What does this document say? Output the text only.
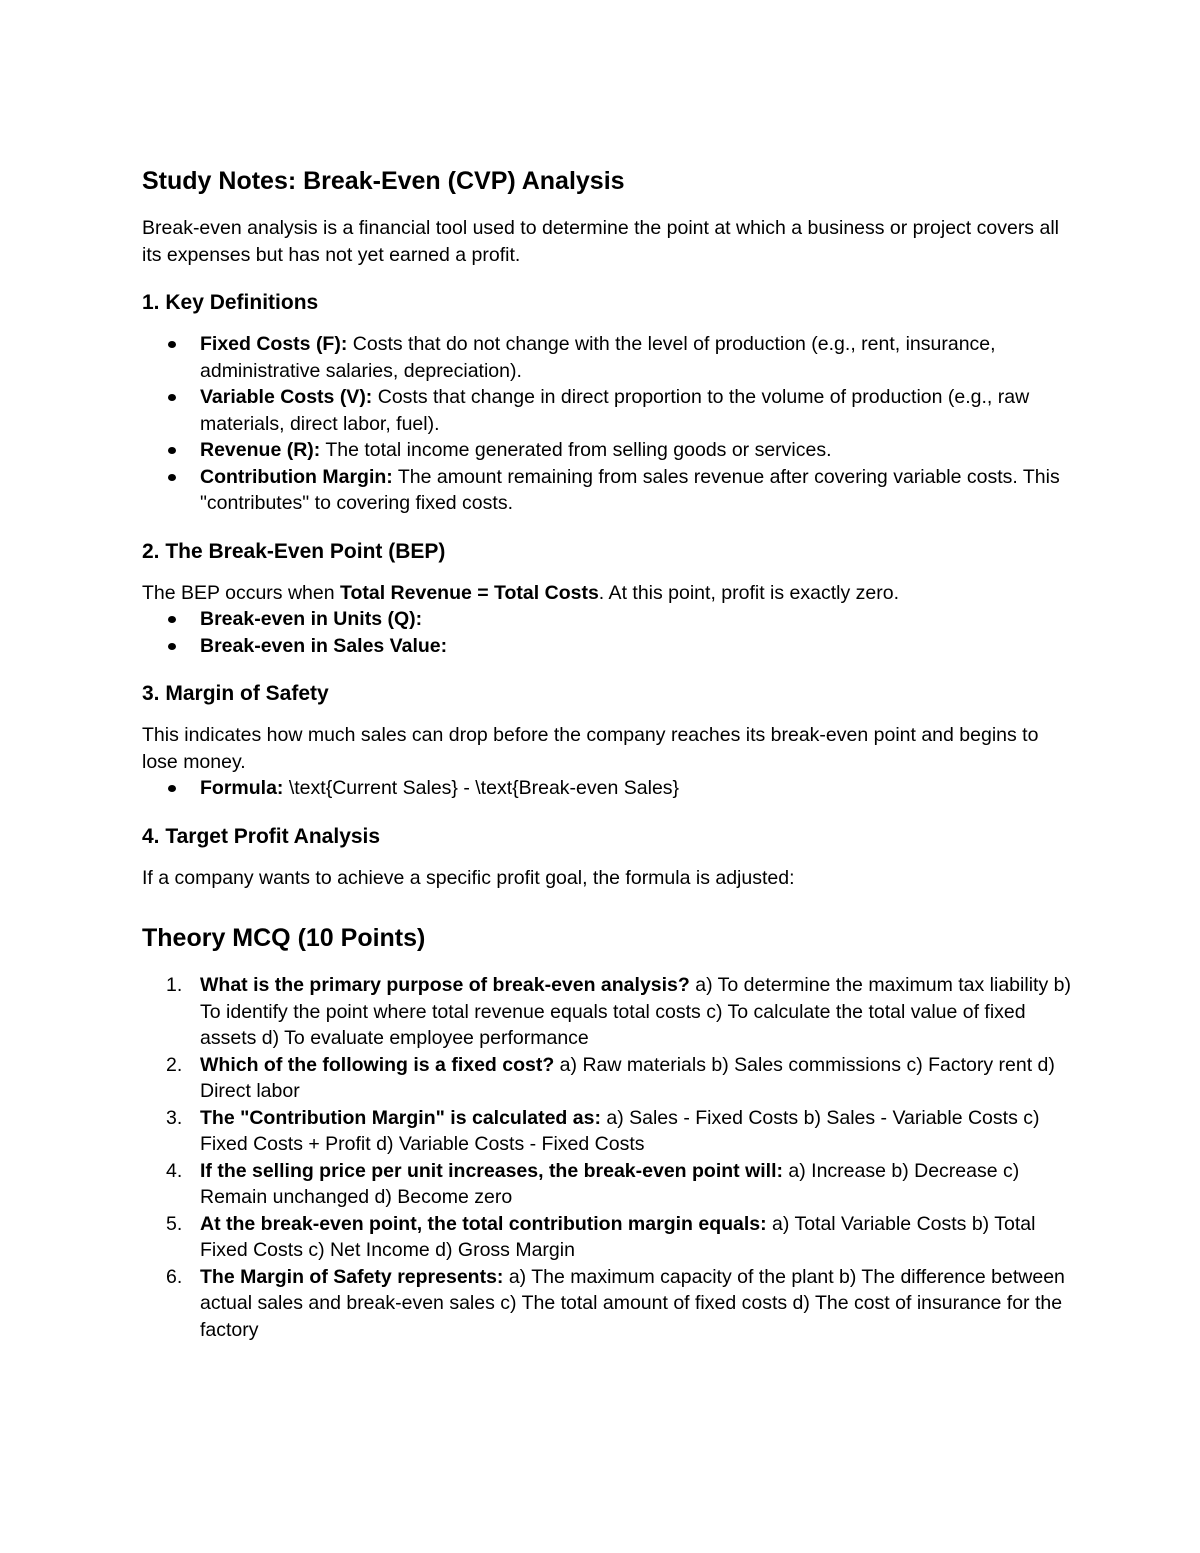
Study Notes: Break-Even (CVP) Analysis

Break-even analysis is a financial tool used to determine the point at which a business or project covers all its expenses but has not yet earned a profit.

1. Key Definitions
Fixed Costs (F): Costs that do not change with the level of production (e.g., rent, insurance, administrative salaries, depreciation).
Variable Costs (V): Costs that change in direct proportion to the volume of production (e.g., raw materials, direct labor, fuel).
Revenue (R): The total income generated from selling goods or services.
Contribution Margin: The amount remaining from sales revenue after covering variable costs. This "contributes" to covering fixed costs.
2. The Break-Even Point (BEP)

The BEP occurs when Total Revenue = Total Costs. At this point, profit is exactly zero.

Break-even in Units (Q):
Break-even in Sales Value:
3. Margin of Safety

This indicates how much sales can drop before the company reaches its break-even point and begins to lose money.

Formula: \text{Current Sales} - \text{Break-even Sales}
4. Target Profit Analysis

If a company wants to achieve a specific profit goal, the formula is adjusted:

Theory MCQ (10 Points)
1. What is the primary purpose of break-even analysis? a) To determine the maximum tax liability b) To identify the point where total revenue equals total costs c) To calculate the total value of fixed assets d) To evaluate employee performance
2. Which of the following is a fixed cost? a) Raw materials b) Sales commissions c) Factory rent d) Direct labor
3. The "Contribution Margin" is calculated as: a) Sales - Fixed Costs b) Sales - Variable Costs c) Fixed Costs + Profit d) Variable Costs - Fixed Costs
4. If the selling price per unit increases, the break-even point will: a) Increase b) Decrease c) Remain unchanged d) Become zero
5. At the break-even point, the total contribution margin equals: a) Total Variable Costs b) Total Fixed Costs c) Net Income d) Gross Margin
6. The Margin of Safety represents: a) The maximum capacity of the plant b) The difference between actual sales and break-even sales c) The total amount of fixed costs d) The cost of insurance for the factory
